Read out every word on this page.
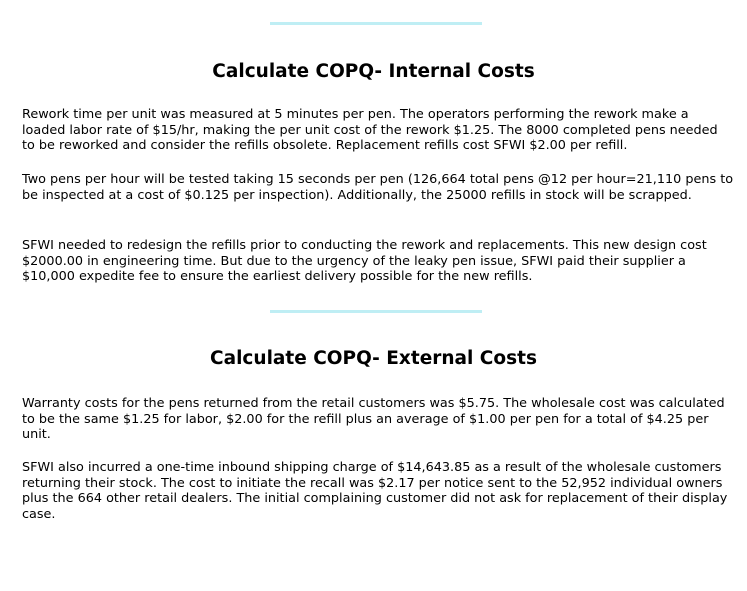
Calculate COPQ- Internal Costs

Rework time per unit was measured at 5 minutes per pen. The operators performing the rework make a loaded labor rate of $15/hr, making the per unit cost of the rework $1.25. The 8000 completed pens needed to be reworked and consider the refills obsolete. Replacement refills cost SFWI $2.00 per refill.

Two pens per hour will be tested taking 15 seconds per pen (126,664 total pens @12 per hour=21,110 pens to be inspected at a cost of $0.125 per inspection). Additionally, the 25000 refills in stock will be scrapped.

SFWI needed to redesign the refills prior to conducting the rework and replacements. This new design cost $2000.00 in engineering time. But due to the urgency of the leaky pen issue, SFWI paid their supplier a $10,000 expedite fee to ensure the earliest delivery possible for the new refills.

Calculate COPQ- External Costs

Warranty costs for the pens returned from the retail customers was $5.75. The wholesale cost was calculated to be the same $1.25 for labor, $2.00 for the refill plus an average of $1.00 per pen for a total of $4.25 per unit.

SFWI also incurred a one-time inbound shipping charge of $14,643.85 as a result of the wholesale customers returning their stock. The cost to initiate the recall was $2.17 per notice sent to the 52,952 individual owners plus the 664 other retail dealers. The initial complaining customer did not ask for replacement of their display case.
